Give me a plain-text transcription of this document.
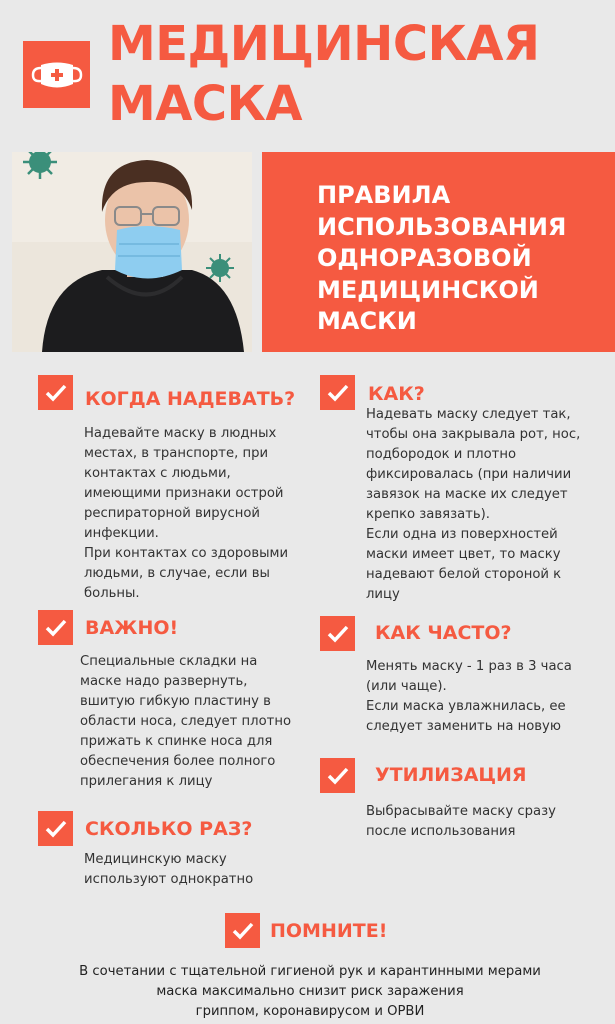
МЕДИЦИНСКАЯ
МАСКА
ПРАВИЛА ИСПОЛЬЗОВАНИЯ ОДНОРАЗОВОЙ МЕДИЦИНСКОЙ МАСКИ
КОГДА НАДЕВАТЬ?
Надевайте маску в людных
местах, в транспорте, при
контактах с людьми,
имеющими признаки острой
респираторной вирусной
инфекции.
При контактах со здоровыми
людьми, в случае, если вы
больны.
КАК?
Надевать маску следует так,
чтобы она закрывала рот, нос,
подбородок и плотно
фиксировалась (при наличии
завязок на маске их следует
крепко завязать).
Если одна из поверхностей
маски имеет цвет, то маску
надевают белой стороной к
лицу
ВАЖНО!
Специальные складки на
маске надо развернуть,
вшитую гибкую пластину в
области носа, следует плотно
прижать к спинке носа для
обеспечения более полного
прилегания к лицу
КАК ЧАСТО?
Менять маску - 1 раз в 3 часа
(или чаще).
Если маска увлажнилась, ее
следует заменить на новую
УТИЛИЗАЦИЯ
Выбрасывайте маску сразу
после использования
СКОЛЬКО РАЗ?
Медицинскую маску
используют однократно
ПОМНИТЕ!
В сочетании с тщательной гигиеной рук и карантинными мерами
маска максимально снизит риск заражения
гриппом, коронавирусом и ОРВИ
